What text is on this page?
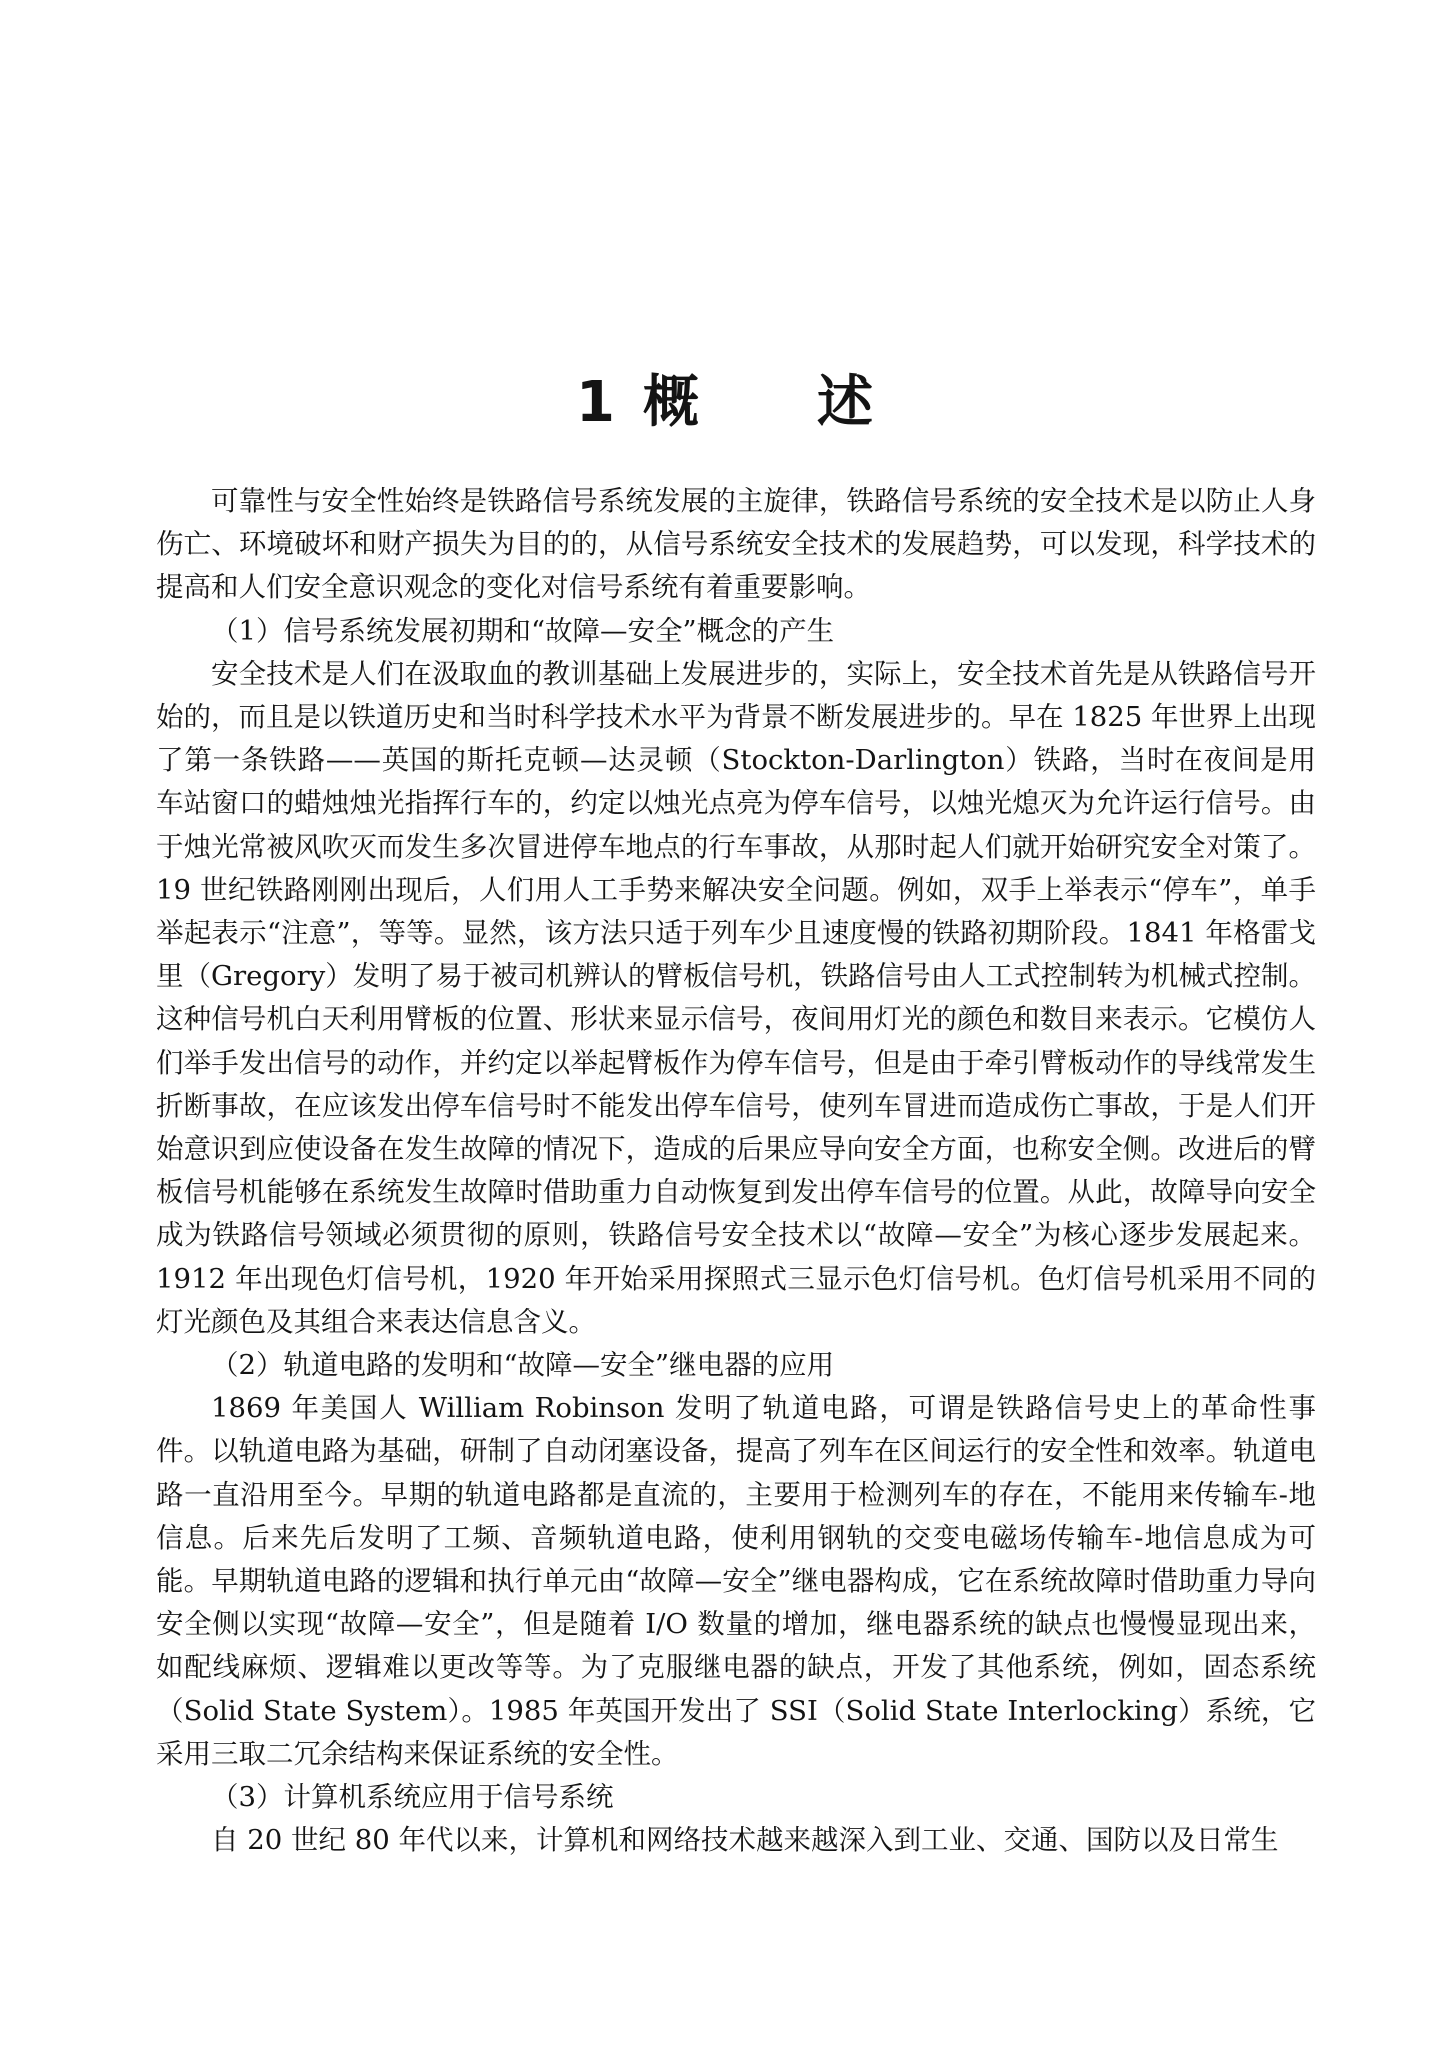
1 概 述

可靠性与安全性始终是铁路信号系统发展的主旋律，铁路信号系统的安全技术是以防止人身伤亡、环境破坏和财产损失为目的的，从信号系统安全技术的发展趋势，可以发现，科学技术的提高和人们安全意识观念的变化对信号系统有着重要影响。

（1）信号系统发展初期和“故障—安全”概念的产生

安全技术是人们在汲取血的教训基础上发展进步的，实际上，安全技术首先是从铁路信号开始的，而且是以铁道历史和当时科学技术水平为背景不断发展进步的。早在 1825 年世界上出现了第一条铁路——英国的斯托克顿—达灵顿（Stockton-Darlington）铁路，当时在夜间是用车站窗口的蜡烛烛光指挥行车的，约定以烛光点亮为停车信号，以烛光熄灭为允许运行信号。由于烛光常被风吹灭而发生多次冒进停车地点的行车事故，从那时起人们就开始研究安全对策了。19 世纪铁路刚刚出现后，人们用人工手势来解决安全问题。例如，双手上举表示“停车”，单手举起表示“注意”，等等。显然，该方法只适于列车少且速度慢的铁路初期阶段。1841 年格雷戈里（Gregory）发明了易于被司机辨认的臂板信号机，铁路信号由人工式控制转为机械式控制。这种信号机白天利用臂板的位置、形状来显示信号，夜间用灯光的颜色和数目来表示。它模仿人们举手发出信号的动作，并约定以举起臂板作为停车信号，但是由于牵引臂板动作的导线常发生折断事故，在应该发出停车信号时不能发出停车信号，使列车冒进而造成伤亡事故，于是人们开始意识到应使设备在发生故障的情况下，造成的后果应导向安全方面，也称安全侧。改进后的臂板信号机能够在系统发生故障时借助重力自动恢复到发出停车信号的位置。从此，故障导向安全成为铁路信号领域必须贯彻的原则，铁路信号安全技术以“故障—安全”为核心逐步发展起来。1912 年出现色灯信号机，1920 年开始采用探照式三显示色灯信号机。色灯信号机采用不同的灯光颜色及其组合来表达信息含义。

（2）轨道电路的发明和“故障—安全”继电器的应用

1869 年美国人 William Robinson 发明了轨道电路，可谓是铁路信号史上的革命性事件。以轨道电路为基础，研制了自动闭塞设备，提高了列车在区间运行的安全性和效率。轨道电路一直沿用至今。早期的轨道电路都是直流的，主要用于检测列车的存在，不能用来传输车-地信息。后来先后发明了工频、音频轨道电路，使利用钢轨的交变电磁场传输车-地信息成为可能。早期轨道电路的逻辑和执行单元由“故障—安全”继电器构成，它在系统故障时借助重力导向安全侧以实现“故障—安全”，但是随着 I/O 数量的增加，继电器系统的缺点也慢慢显现出来，如配线麻烦、逻辑难以更改等等。为了克服继电器的缺点，开发了其他系统，例如，固态系统（Solid State System）。1985 年英国开发出了 SSI（Solid State Interlocking）系统，它采用三取二冗余结构来保证系统的安全性。

（3）计算机系统应用于信号系统

自 20 世纪 80 年代以来，计算机和网络技术越来越深入到工业、交通、国防以及日常生
